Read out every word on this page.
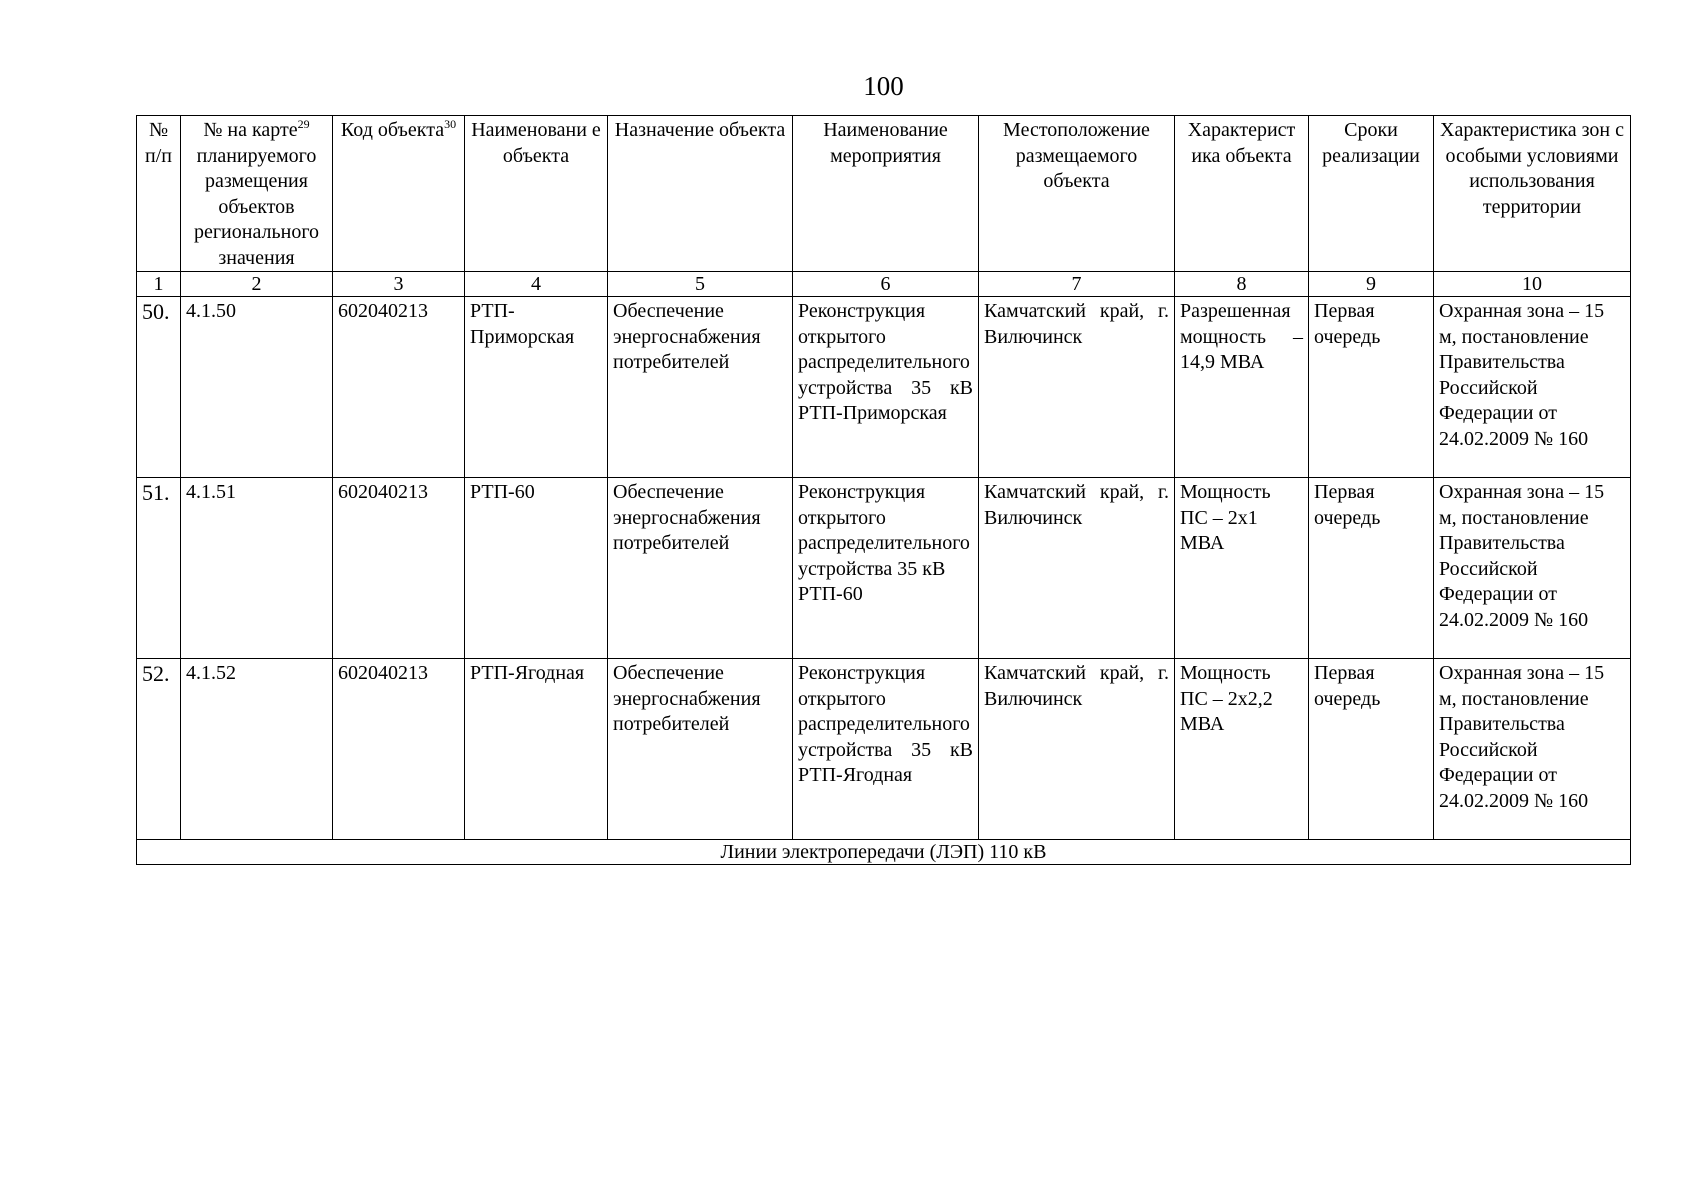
100
№ п/п	№ на карте$^{29}$ планируемого размещения объектов регионального значения	Код объекта$^{30}$	Наименовани е объекта	Назначение объекта	Наименование мероприятия	Местоположение размещаемого объекта	Характерист ика объекта	Сроки реализации	Характеристика зон с особыми условиями использования территории
1	2	3	4	5	6	7	8	9	10
50.	4.1.50	602040213	РТП-Приморская	Обеспечение энергоснабжения потребителей	Реконструкция открытого распределительного устройства 35 кВ РТП-Приморская	Камчатский край, г. Вилючинск	Разрешенная мощность – 14,9 МВА	Первая очередь	Охранная зона – 15 м, постановление Правительства Российской Федерации от 24.02.2009 № 160
51.	4.1.51	602040213	РТП-60	Обеспечение энергоснабжения потребителей	Реконструкция открытого распределительного устройства 35 кВ РТП-60	Камчатский край, г. Вилючинск	Мощность ПС – 2х1 МВА	Первая очередь	Охранная зона – 15 м, постановление Правительства Российской Федерации от 24.02.2009 № 160
52.	4.1.52	602040213	РТП-Ягодная	Обеспечение энергоснабжения потребителей	Реконструкция открытого распределительного устройства 35 кВ РТП-Ягодная	Камчатский край, г. Вилючинск	Мощность ПС – 2х2,2 МВА	Первая очередь	Охранная зона – 15 м, постановление Правительства Российской Федерации от 24.02.2009 № 160
Линии электропередачи (ЛЭП) 110 кВ									
